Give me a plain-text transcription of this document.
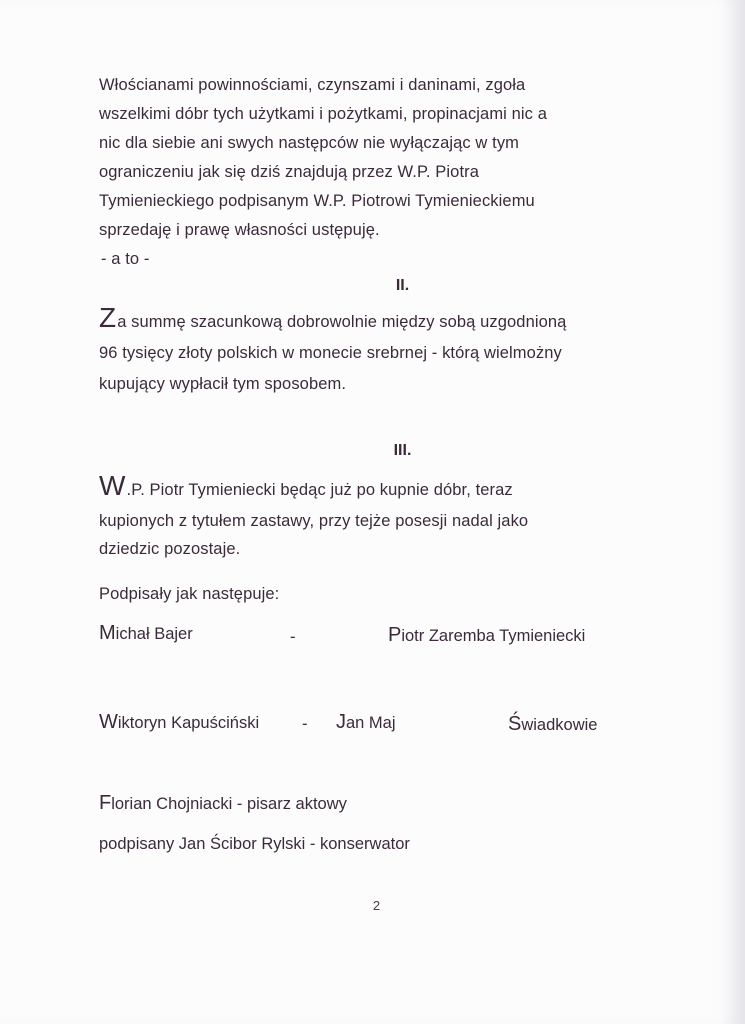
Włościanami powinnościami, czynszami i daninami, zgoła
wszelkimi dóbr tych użytkami i pożytkami, propinacjami nic a
nic dla siebie ani swych następców nie wyłączając w tym
ograniczeniu jak się dziś znajdują przez W.P. Piotra
Tymienieckiego podpisanym W.P. Piotrowi Tymienieckiemu
sprzedaję i prawę własności ustępuję.
- a to -
II.
Za summę szacunkową dobrowolnie między sobą uzgodnioną
96 tysięcy złoty polskich w monecie srebrnej - którą wielmożny
kupujący wypłacił tym sposobem.
III.
W.P. Piotr Tymieniecki będąc już po kupnie dóbr, teraz
kupionych z tytułem zastawy, przy tejże posesji nadal jako
dziedzic pozostaje.
Podpisały jak następuje:
Michał Bajer	-	Piotr Zaremba Tymieniecki
Wiktoryn Kapuściński	- Jan Maj	Świadkowie
Florian Chojniacki - pisarz aktowy
podpisany Jan Ścibor Rylski - konserwator
2
